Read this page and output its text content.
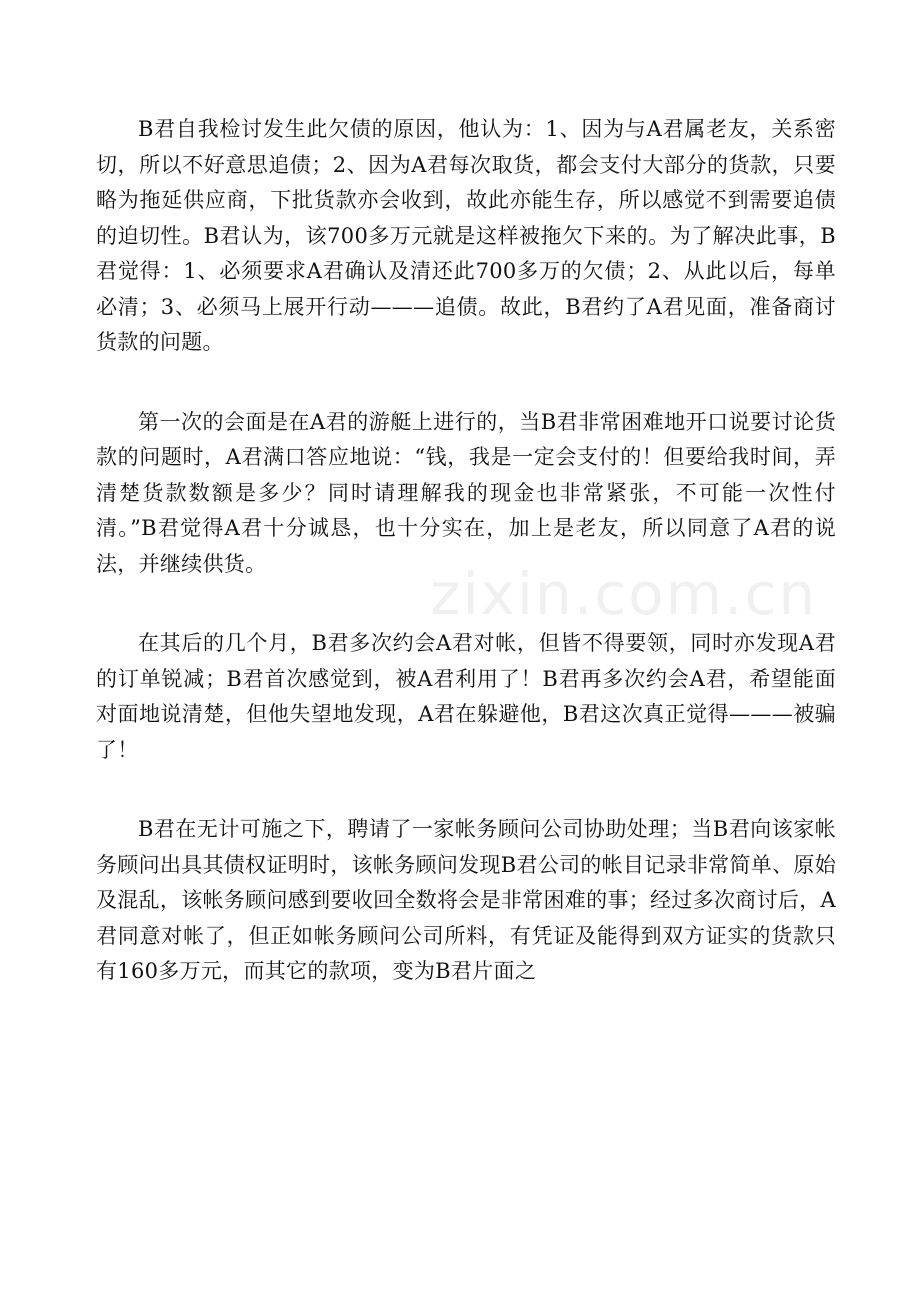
zixin.com.cn

B君自我检讨发生此欠债的原因，他认为：1、因为与A君属老友，关系密切，所以不好意思追债；2、因为A君每次取货，都会支付大部分的货款，只要略为拖延供应商，下批货款亦会收到，故此亦能生存，所以感觉不到需要追债的迫切性。B君认为，该700多万元就是这样被拖欠下来的。为了解决此事，B君觉得：1、必须要求A君确认及清还此700多万的欠债；2、从此以后，每单必清；3、必须马上展开行动———追债。故此，B君约了A君见面，准备商讨货款的问题。

第一次的会面是在A君的游艇上进行的，当B君非常困难地开口说要讨论货款的问题时，A君满口答应地说：“钱，我是一定会支付的！但要给我时间，弄清楚货款数额是多少？同时请理解我的现金也非常紧张，不可能一次性付清。”B君觉得A君十分诚恳，也十分实在，加上是老友，所以同意了A君的说法，并继续供货。

在其后的几个月，B君多次约会A君对帐，但皆不得要领，同时亦发现A君的订单锐减；B君首次感觉到，被A君利用了！B君再多次约会A君，希望能面对面地说清楚，但他失望地发现，A君在躲避他，B君这次真正觉得———被骗了！

B君在无计可施之下，聘请了一家帐务顾问公司协助处理；当B君向该家帐务顾问出具其债权证明时，该帐务顾问发现B君公司的帐目记录非常简单、原始及混乱，该帐务顾问感到要收回全数将会是非常困难的事；经过多次商讨后，A君同意对帐了，但正如帐务顾问公司所料，有凭证及能得到双方证实的货款只有160多万元，而其它的款项，变为B君片面之
